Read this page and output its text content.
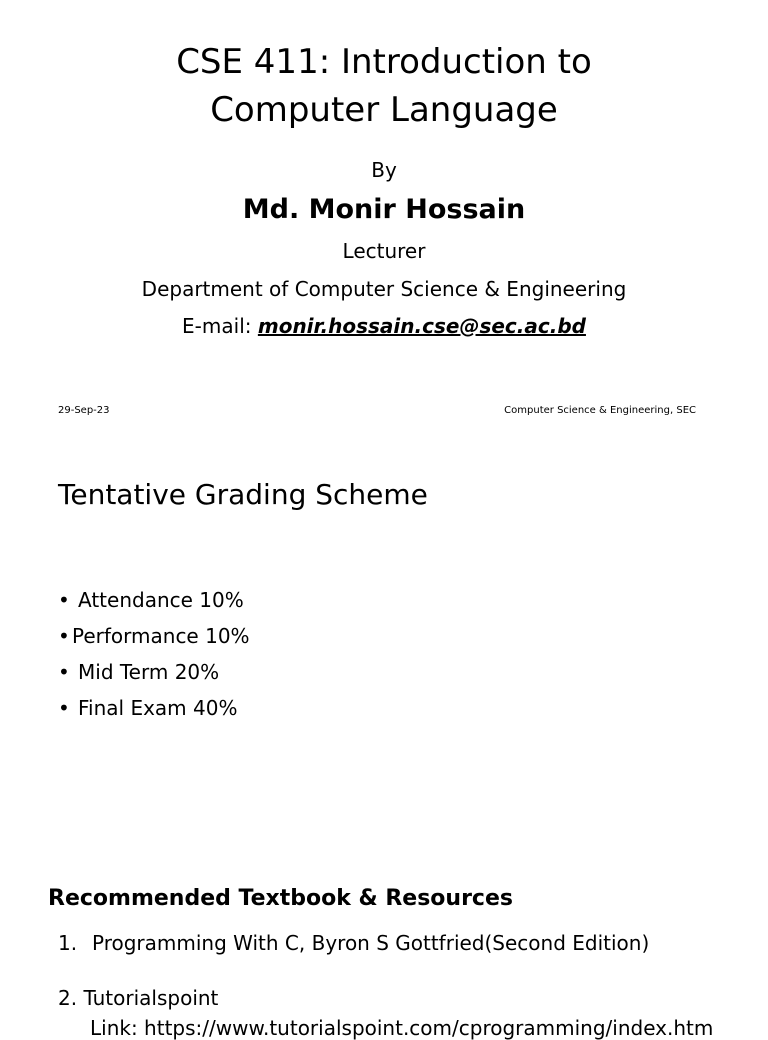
CSE 411: Introduction to
Computer Language
By
Md. Monir Hossain
Lecturer
Department of Computer Science & Engineering
E-mail: monir.hossain.cse@sec.ac.bd
29-Sep-23	Computer Science & Engineering, SEC
Tentative Grading Scheme
• Attendance 10%
• Performance 10%
• Mid Term 20%
• Final Exam 40%
Recommended Textbook & Resources
1. Programming With C, Byron S Gottfried(Second Edition)
2. Tutorialspoint
Link: https://www.tutorialspoint.com/cprogramming/index.htm
